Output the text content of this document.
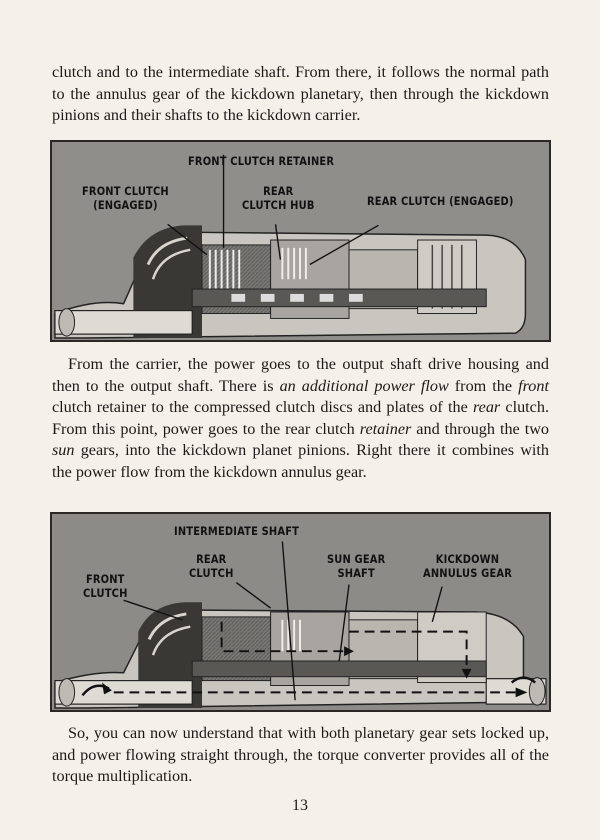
clutch and to the intermediate shaft. From there, it follows the normal path to the annulus gear of the kickdown planetary, then through the kickdown pinions and their shafts to the kickdown carrier.

FRONT CLUTCH RETAINER
FRONT CLUTCH
(ENGAGED)
REAR
CLUTCH HUB	REAR CLUTCH (ENGAGED)

From the carrier, the power goes to the output shaft drive housing and then to the output shaft. There is an additional power flow from the front clutch retainer to the compressed clutch discs and plates of the rear clutch. From this point, power goes to the rear clutch retainer and through the two sun gears, into the kickdown planet pinions. Right there it combines with the power flow from the kickdown annulus gear.

INTERMEDIATE SHAFT
REAR
CLUTCH
FRONT
CLUTCH
SUN GEAR
SHAFT
KICKDOWN
ANNULUS GEAR

So, you can now understand that with both planetary gear sets locked up, and power flowing straight through, the torque converter provides all of the torque multiplication.

13
